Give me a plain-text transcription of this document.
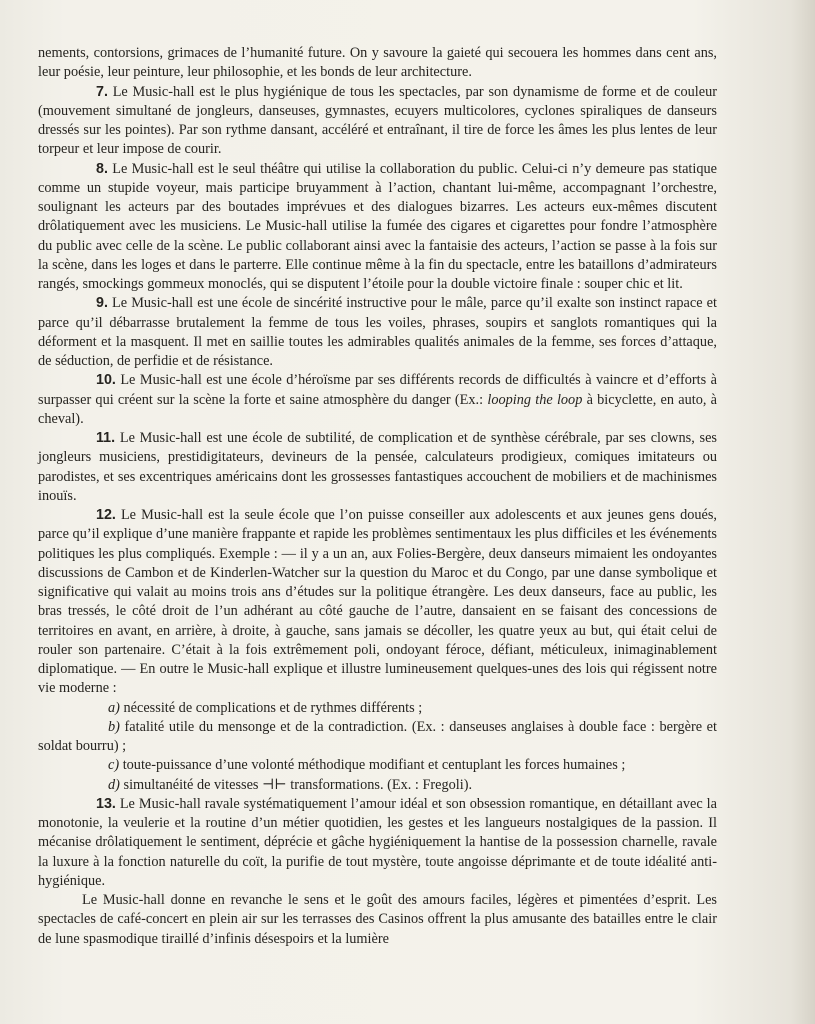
nements, contorsions, grimaces de l’humanité future. On y savoure la gaieté qui secouera les hommes dans cent ans, leur poésie, leur peinture, leur philosophie, et les bonds de leur architecture.

7. Le Music-hall est le plus hygiénique de tous les spectacles, par son dynamisme de forme et de couleur (mouvement simultané de jongleurs, danseuses, gymnastes, ecuyers multicolores, cyclones spiraliques de danseurs dressés sur les pointes). Par son rythme dansant, accéléré et entraînant, il tire de force les âmes les plus lentes de leur torpeur et leur impose de courir.

8. Le Music-hall est le seul théâtre qui utilise la collaboration du public. Celui-ci n’y demeure pas statique comme un stupide voyeur, mais participe bruyamment à l’action, chantant lui-même, accompagnant l’orchestre, soulignant les acteurs par des boutades imprévues et des dialogues bizarres. Les acteurs eux-mêmes discutent drôlatiquement avec les musiciens. Le Music-hall utilise la fumée des cigares et cigarettes pour fondre l’atmosphère du public avec celle de la scène. Le public collaborant ainsi avec la fantaisie des acteurs, l’action se passe à la fois sur la scène, dans les loges et dans le parterre. Elle continue même à la fin du spectacle, entre les bataillons d’admirateurs rangés, smockings gommeux monoclés, qui se disputent l’étoile pour la double victoire finale : souper chic et lit.

9. Le Music-hall est une école de sincérité instructive pour le mâle, parce qu’il exalte son instinct rapace et parce qu’il débarrasse brutalement la femme de tous les voiles, phrases, soupirs et sanglots romantiques qui la déforment et la masquent. Il met en saillie toutes les admirables qualités animales de la femme, ses forces d’attaque, de séduction, de perfidie et de résistance.

10. Le Music-hall est une école d’héroïsme par ses différents records de difficultés à vaincre et d’efforts à surpasser qui créent sur la scène la forte et saine atmosphère du danger (Ex.: looping the loop à bicyclette, en auto, à cheval).

11. Le Music-hall est une école de subtilité, de complication et de synthèse cérébrale, par ses clowns, ses jongleurs musiciens, prestidigitateurs, devineurs de la pensée, calculateurs prodigieux, comiques imitateurs ou parodistes, et ses excentriques américains dont les grossesses fantastiques accouchent de mobiliers et de machinismes inouïs.

12. Le Music-hall est la seule école que l’on puisse conseiller aux adolescents et aux jeunes gens doués, parce qu’il explique d’une manière frappante et rapide les problèmes sentimentaux les plus difficiles et les événements politiques les plus compliqués. Exemple : — il y a un an, aux Folies-Bergère, deux danseurs mimaient les ondoyantes discussions de Cambon et de Kinderlen-Watcher sur la question du Maroc et du Congo, par une danse symbolique et significative qui valait au moins trois ans d’études sur la politique étrangère. Les deux danseurs, face au public, les bras tressés, le côté droit de l’un adhérant au côté gauche de l’autre, dansaient en se faisant des concessions de territoires en avant, en arrière, à droite, à gauche, sans jamais se décoller, les quatre yeux au but, qui était celui de rouler son partenaire. C’était à la fois extrêmement poli, ondoyant féroce, défiant, méticuleux, inimaginablement diplomatique. — En outre le Music-hall explique et illustre lumineusement quelques-unes des lois qui régissent notre vie moderne :

a) nécessité de complications et de rythmes différents ;

b) fatalité utile du mensonge et de la contradiction. (Ex. : danseuses anglaises à double face : bergère et soldat bourru) ;

c) toute-puissance d’une volonté méthodique modifiant et centuplant les forces humaines ;

d) simultanéité de vitesses ⊣⊢ transformations. (Ex. : Fregoli).

13. Le Music-hall ravale systématiquement l’amour idéal et son obsession romantique, en détaillant avec la monotonie, la veulerie et la routine d’un métier quotidien, les gestes et les langueurs nostalgiques de la passion. Il mécanise drôlatiquement le sentiment, déprécie et gâche hygiéniquement la hantise de la possession charnelle, ravale la luxure à la fonction naturelle du coït, la purifie de tout mystère, toute angoisse déprimante et de toute idéalité anti-hygiénique.

Le Music-hall donne en revanche le sens et le goût des amours faciles, légères et pimentées d’esprit. Les spectacles de café-concert en plein air sur les terrasses des Casinos offrent la plus amusante des batailles entre le clair de lune spasmodique tiraillé d’infinis désespoirs et la lumière
